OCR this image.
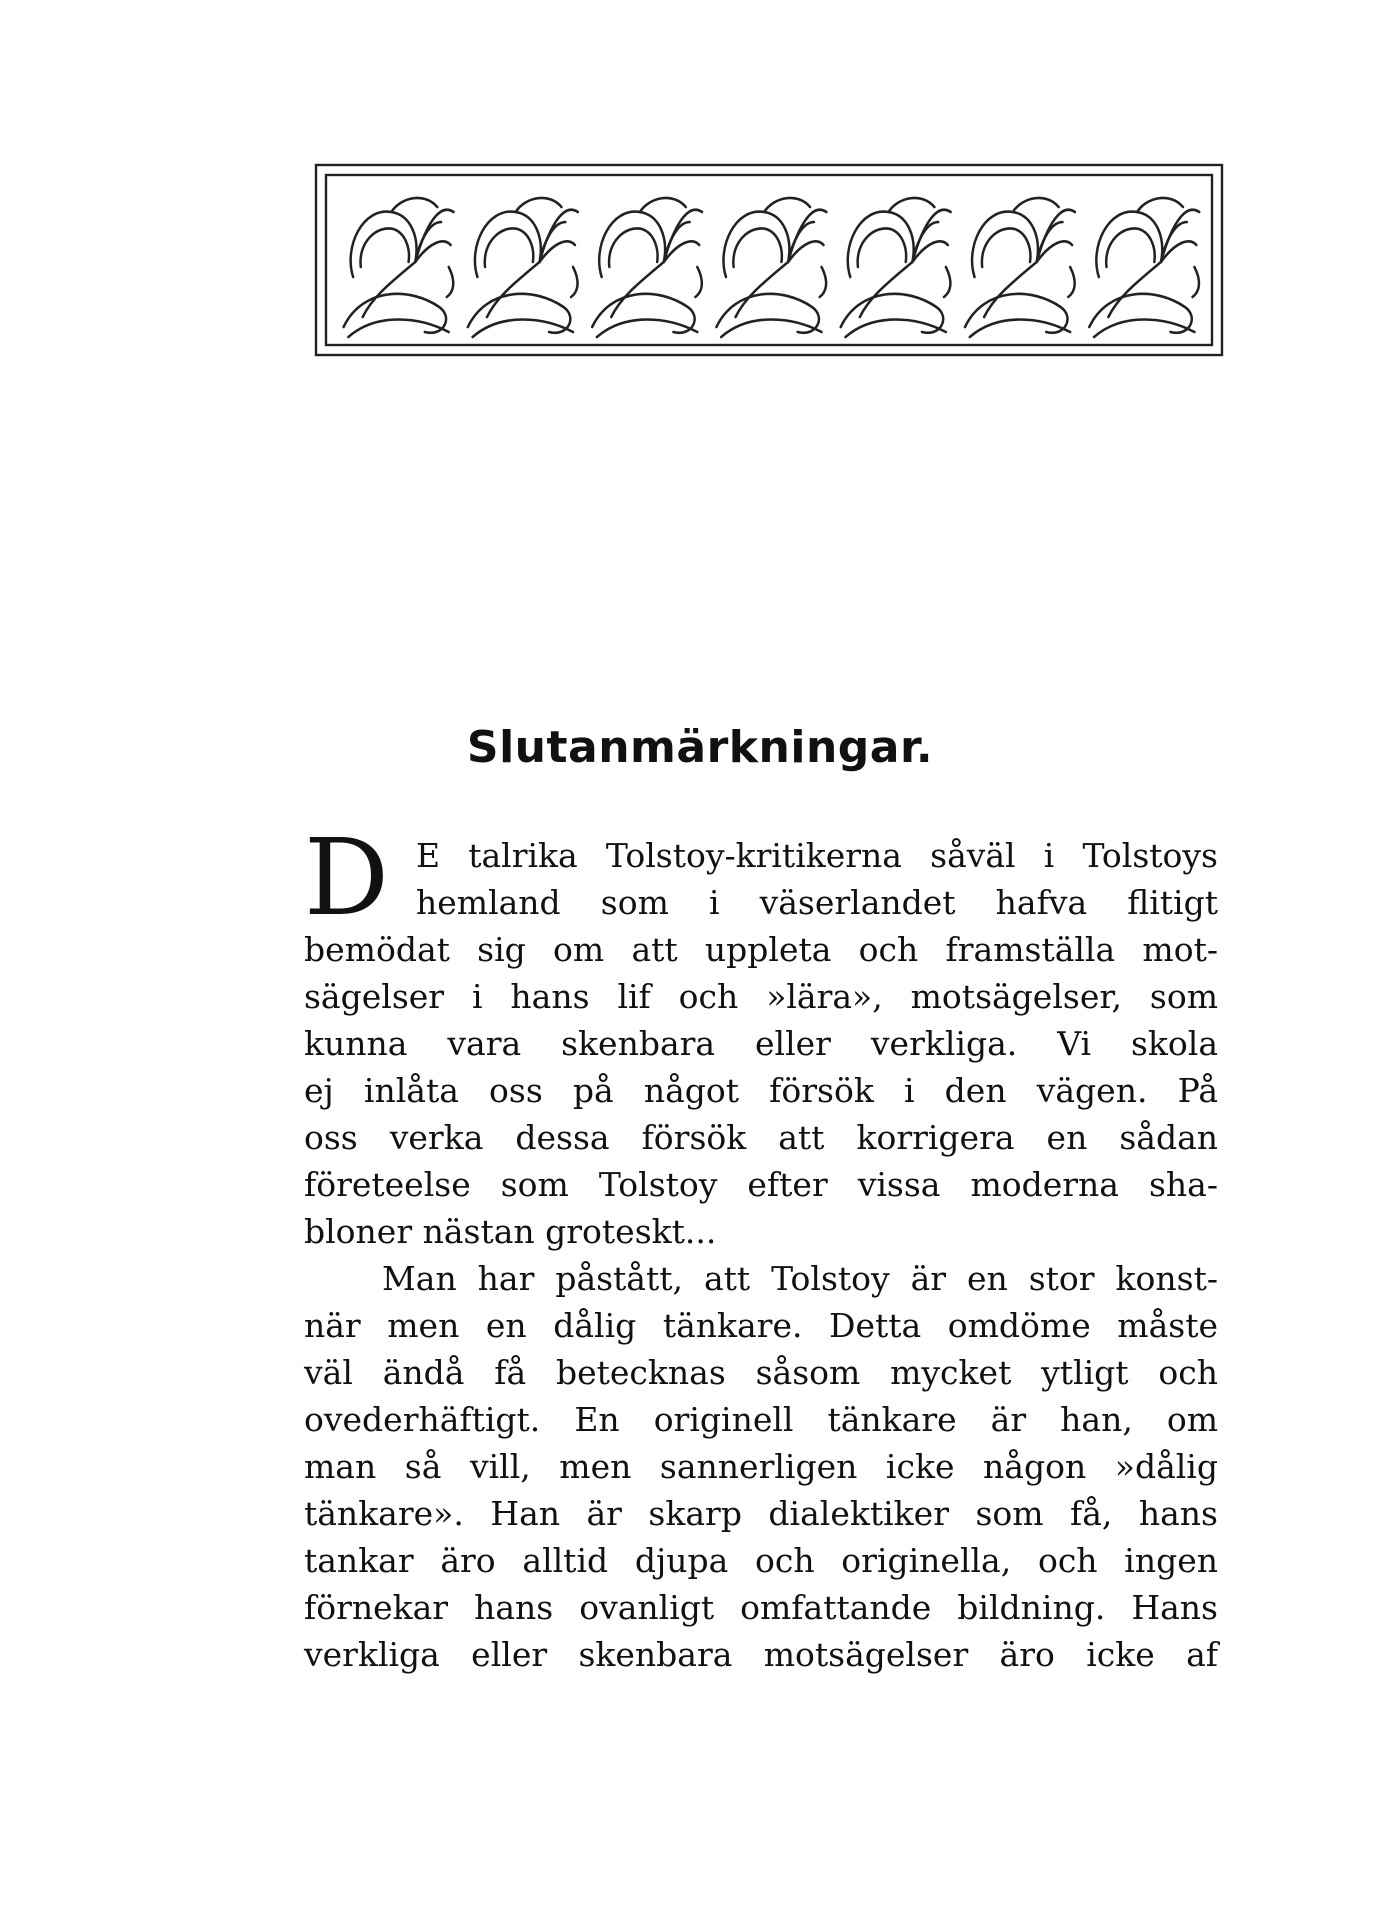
Slutanmärkningar.
D E talrika Tolstoy-kritikerna såväl i Tolstoys
hemland som i väserlandet hafva flitigt
bemödat sig om att uppleta och framställa mot-
sägelser i hans lif och »lära», motsägelser, som
kunna vara skenbara eller verkliga. Vi skola
ej inlåta oss på något försök i den vägen. På
oss verka dessa försök att korrigera en sådan
företeelse som Tolstoy efter vissa moderna sha-
bloner nästan groteskt...
Man har påstått, att Tolstoy är en stor konst-
när men en dålig tänkare. Detta omdöme måste
väl ändå få betecknas såsom mycket ytligt och
ovederhäftigt. En originell tänkare är han, om
man så vill, men sannerligen icke någon »dålig
tänkare». Han är skarp dialektiker som få, hans
tankar äro alltid djupa och originella, och ingen
förnekar hans ovanligt omfattande bildning. Hans
verkliga eller skenbara motsägelser äro icke af
